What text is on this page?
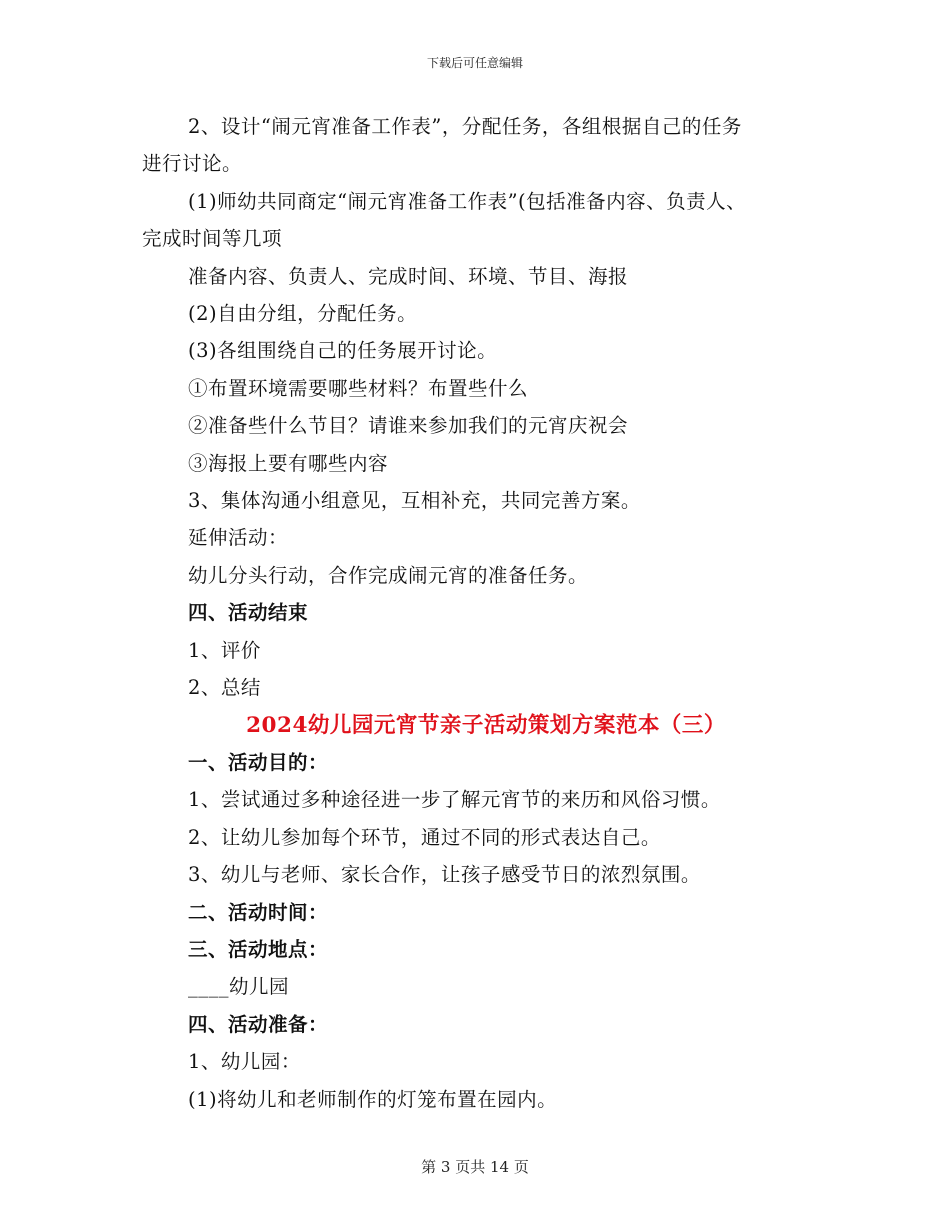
下载后可任意编辑

2、设计“闹元宵准备工作表”，分配任务，各组根据自己的任务

进行讨论。

(1)师幼共同商定“闹元宵准备工作表”(包括准备内容、负责人、

完成时间等几项

准备内容、负责人、完成时间、环境、节目、海报

(2)自由分组，分配任务。

(3)各组围绕自己的任务展开讨论。

①布置环境需要哪些材料？布置些什么

②准备些什么节目？请谁来参加我们的元宵庆祝会

③海报上要有哪些内容

3、集体沟通小组意见，互相补充，共同完善方案。

延伸活动：

幼儿分头行动，合作完成闹元宵的准备任务。

四、活动结束

1、评价

2、总结

2024幼儿园元宵节亲子活动策划方案范本（三）

一、活动目的：

1、尝试通过多种途径进一步了解元宵节的来历和风俗习惯。

2、让幼儿参加每个环节，通过不同的形式表达自己。

3、幼儿与老师、家长合作，让孩子感受节日的浓烈氛围。

二、活动时间：

三、活动地点：

____幼儿园

四、活动准备：

1、幼儿园：

(1)将幼儿和老师制作的灯笼布置在园内。

第 3 页共 14 页
